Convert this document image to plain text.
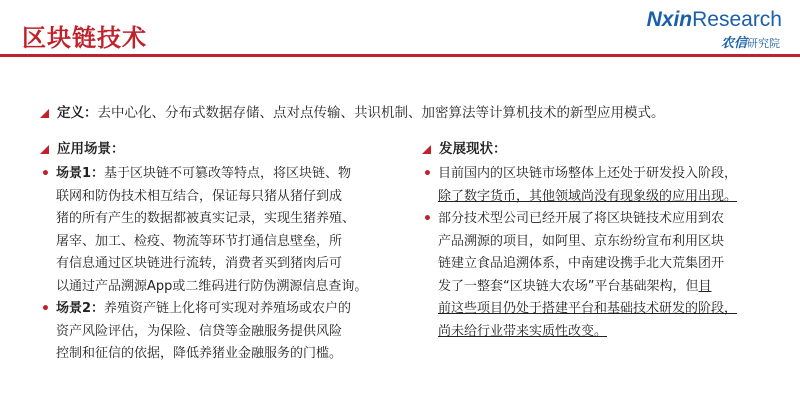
区块链技术
NxinResearch
农信研究院
定义：去中心化、分布式数据存储、点对点传输、共识机制、加密算法等计算机技术的新型应用模式。

应用场景：

• 场景1：基于区块链不可篡改等特点，将区块链、物
联网和防伪技术相互结合，保证每只猪从猪仔到成
猪的所有产生的数据都被真实记录，实现生猪养殖、
屠宰、加工、检疫、物流等环节打通信息壁垒，所
有信息通过区块链进行流转，消费者买到猪肉后可
以通过产品溯源App或二维码进行防伪溯源信息查询。
• 场景2：养殖资产链上化将可实现对养殖场或农户的
资产风险评估，为保险、信贷等金融服务提供风险
控制和征信的依据，降低养猪业金融服务的门槛。

发展现状：

• 目前国内的区块链市场整体上还处于研发投入阶段，
除了数字货币，其他领域尚没有现象级的应用出现。
• 部分技术型公司已经开展了将区块链技术应用到农
产品溯源的项目，如阿里、京东纷纷宣布利用区块
链建立食品追溯体系，中南建设携手北大荒集团开
发了一整套“区块链大农场”平台基础架构，但目
前这些项目仍处于搭建平台和基础技术研发的阶段，
尚未给行业带来实质性改变。
